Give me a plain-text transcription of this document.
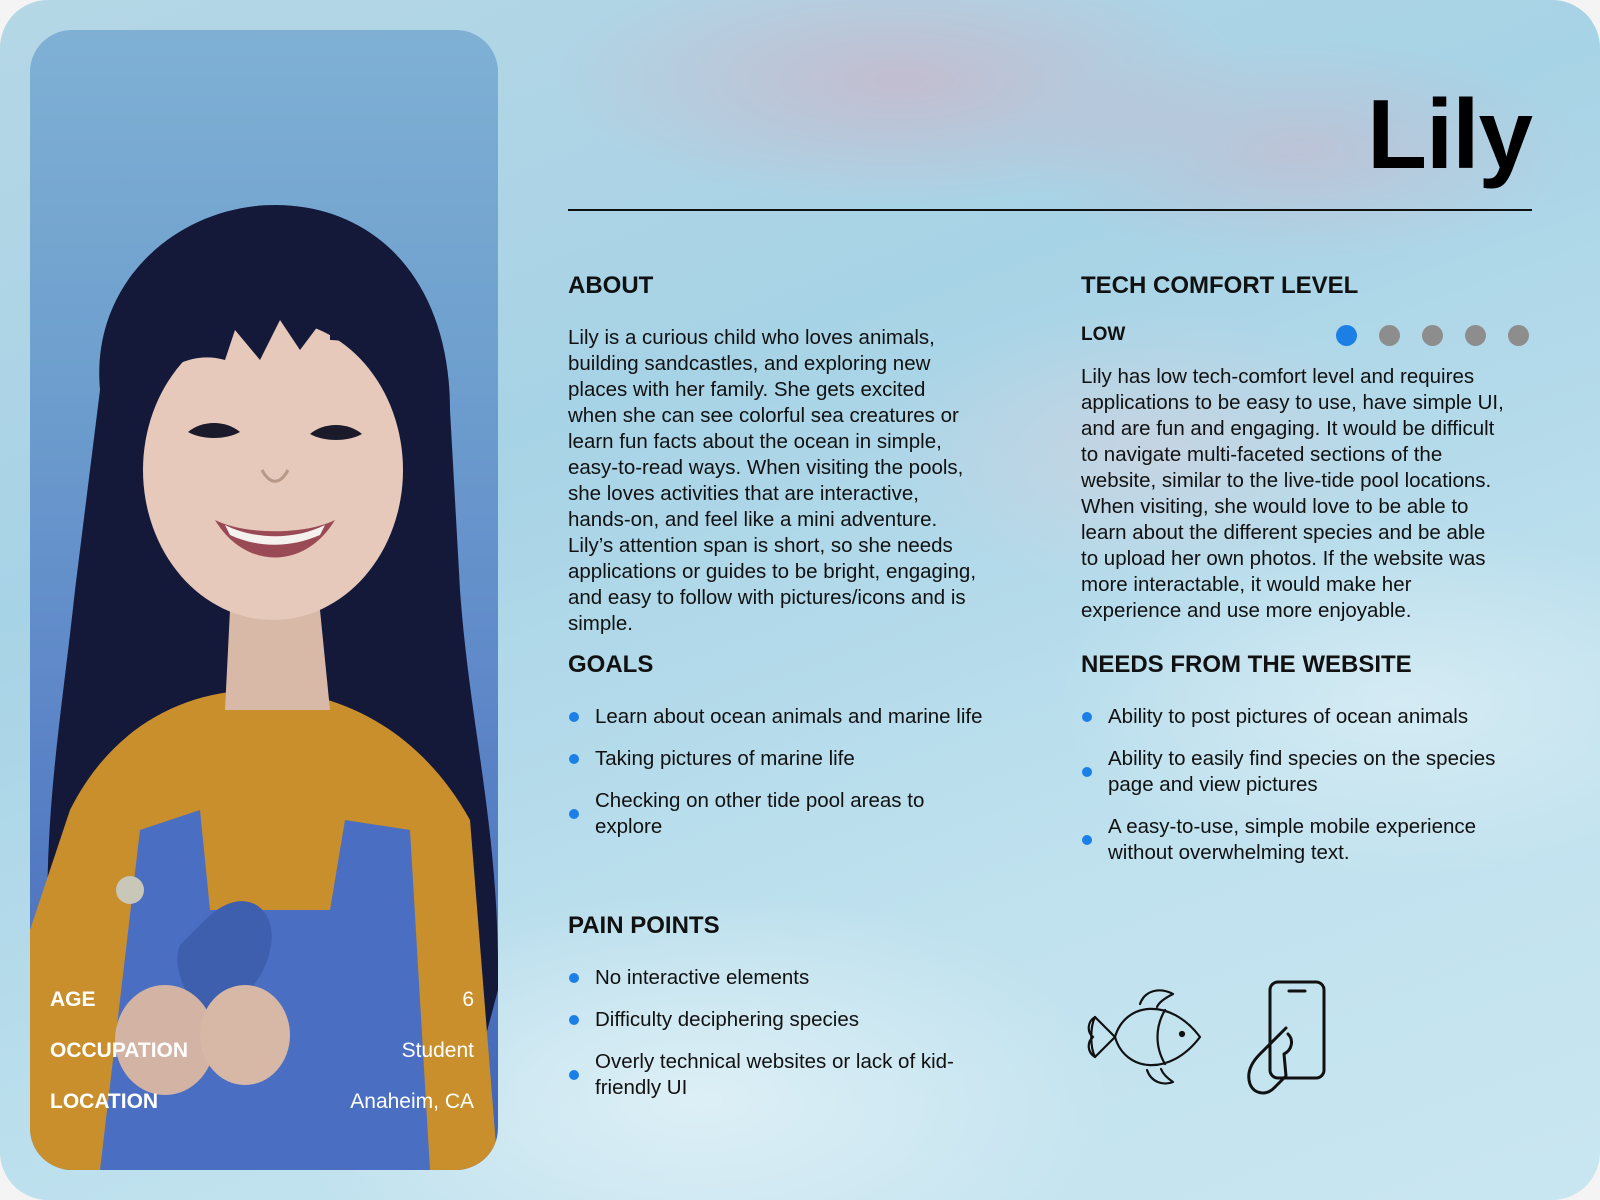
AGE	6
OCCUPATION	Student
LOCATION	Anaheim, CA
Lily
ABOUT
Lily is a curious child who loves animals,
building sandcastles, and exploring new
places with her family. She gets excited
when she can see colorful sea creatures or
learn fun facts about the ocean in simple,
easy-to-read ways. When visiting the pools,
she loves activities that are interactive,
hands-on, and feel like a mini adventure.
Lily’s attention span is short, so she needs
applications or guides to be bright, engaging,
and easy to follow with pictures/icons and is
simple.
TECH COMFORT LEVEL
LOW
Lily has low tech-comfort level and requires
applications to be easy to use, have simple UI,
and are fun and engaging. It would be difficult
to navigate multi-faceted sections of the
website, similar to the live-tide pool locations.
When visiting, she would love to be able to
learn about the different species and be able
to upload her own photos. If the website was
more interactable, it would make her
experience and use more enjoyable.
GOALS
Learn about ocean animals and marine life
Taking pictures of marine life
Checking on other tide pool areas to
explore
NEEDS FROM THE WEBSITE
Ability to post pictures of ocean animals
Ability to easily find species on the species
page and view pictures
A easy-to-use, simple mobile experience
without overwhelming text.
PAIN POINTS
No interactive elements
Difficulty deciphering species
Overly technical websites or lack of kid-
friendly UI
